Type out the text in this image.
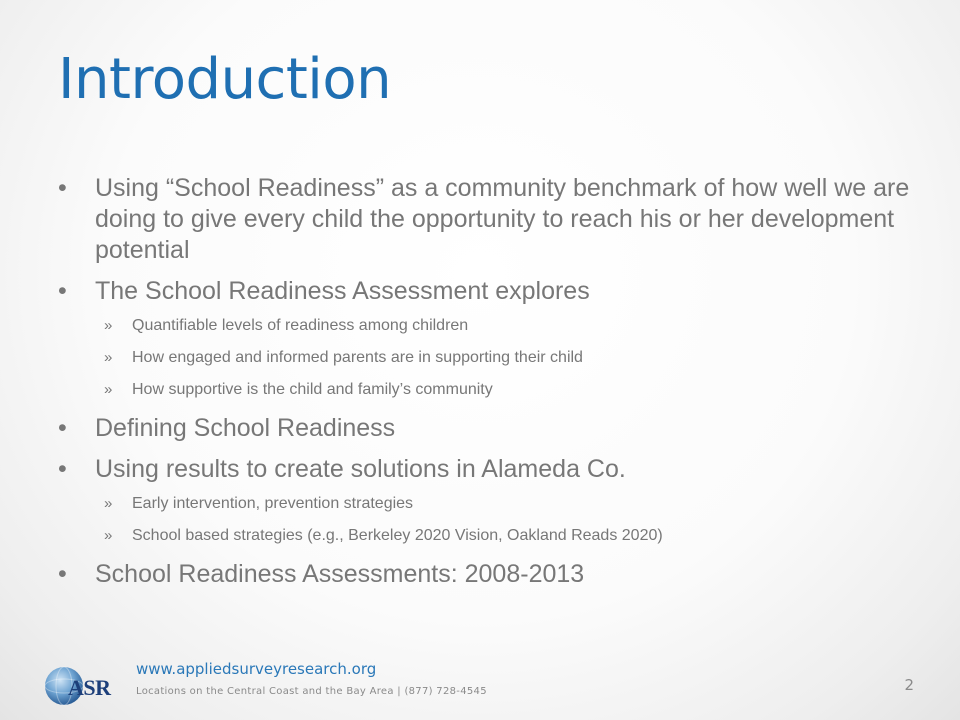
Introduction
• Using “School Readiness” as a community benchmark of how well we are doing to give every child the opportunity to reach his or her development potential
• The School Readiness Assessment explores
» Quantifiable levels of readiness among children
» How engaged and informed parents are in supporting their child
» How supportive is the child and family’s community
• Defining School Readiness
• Using results to create solutions in Alameda Co.
» Early intervention, prevention strategies
» School based strategies (e.g., Berkeley 2020 Vision, Oakland Reads 2020)
• School Readiness Assessments: 2008-2013
ASR

www.appliedsurveyresearch.org

Locations on the Central Coast and the Bay Area | (877) 728-4545	2
